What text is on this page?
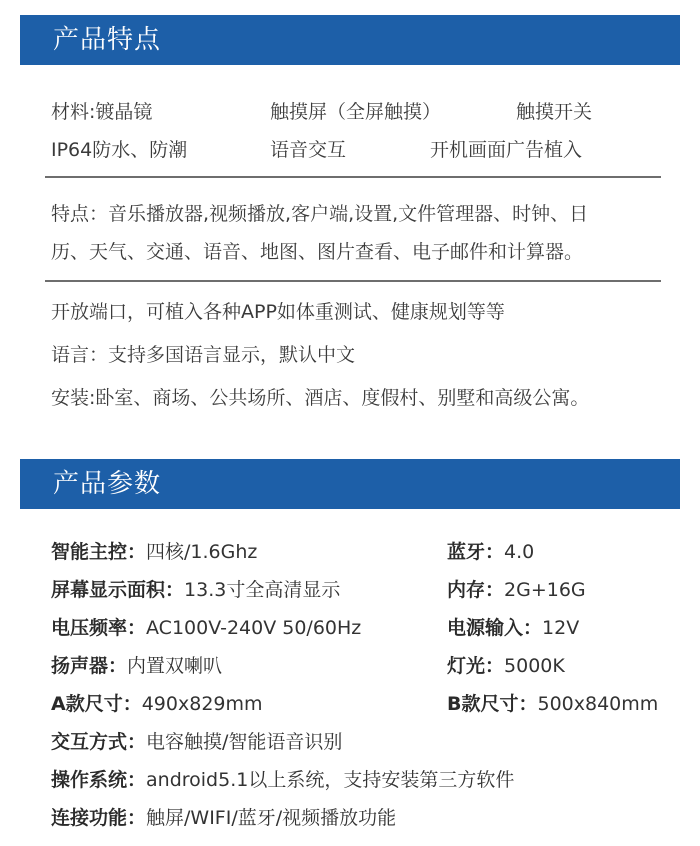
产品特点
材料:镀晶镜	触摸屏（全屏触摸）	触摸开关
IP64防水、防潮	语音交互	开机画面广告植入
特点：音乐播放器,视频播放,客户端,设置,文件管理器、时钟、日
历、天气、交通、语音、地图、图片查看、电子邮件和计算器。
开放端口，可植入各种APP如体重测试、健康规划等等
语言：支持多国语言显示，默认中文
安装:卧室、商场、公共场所、酒店、度假村、别墅和高级公寓。
产品参数
智能主控：四核/1.6Ghz	蓝牙：4.0
屏幕显示面积：13.3寸全高清显示	内存：2G+16G
电压频率：AC100V-240V 50/60Hz	电源输入：12V
扬声器：内置双喇叭	灯光：5000K
A款尺寸：490x829mm	B款尺寸：500x840mm
交互方式：电容触摸/智能语音识别
操作系统：android5.1以上系统，支持安装第三方软件
连接功能：触屏/WIFI/蓝牙/视频播放功能
